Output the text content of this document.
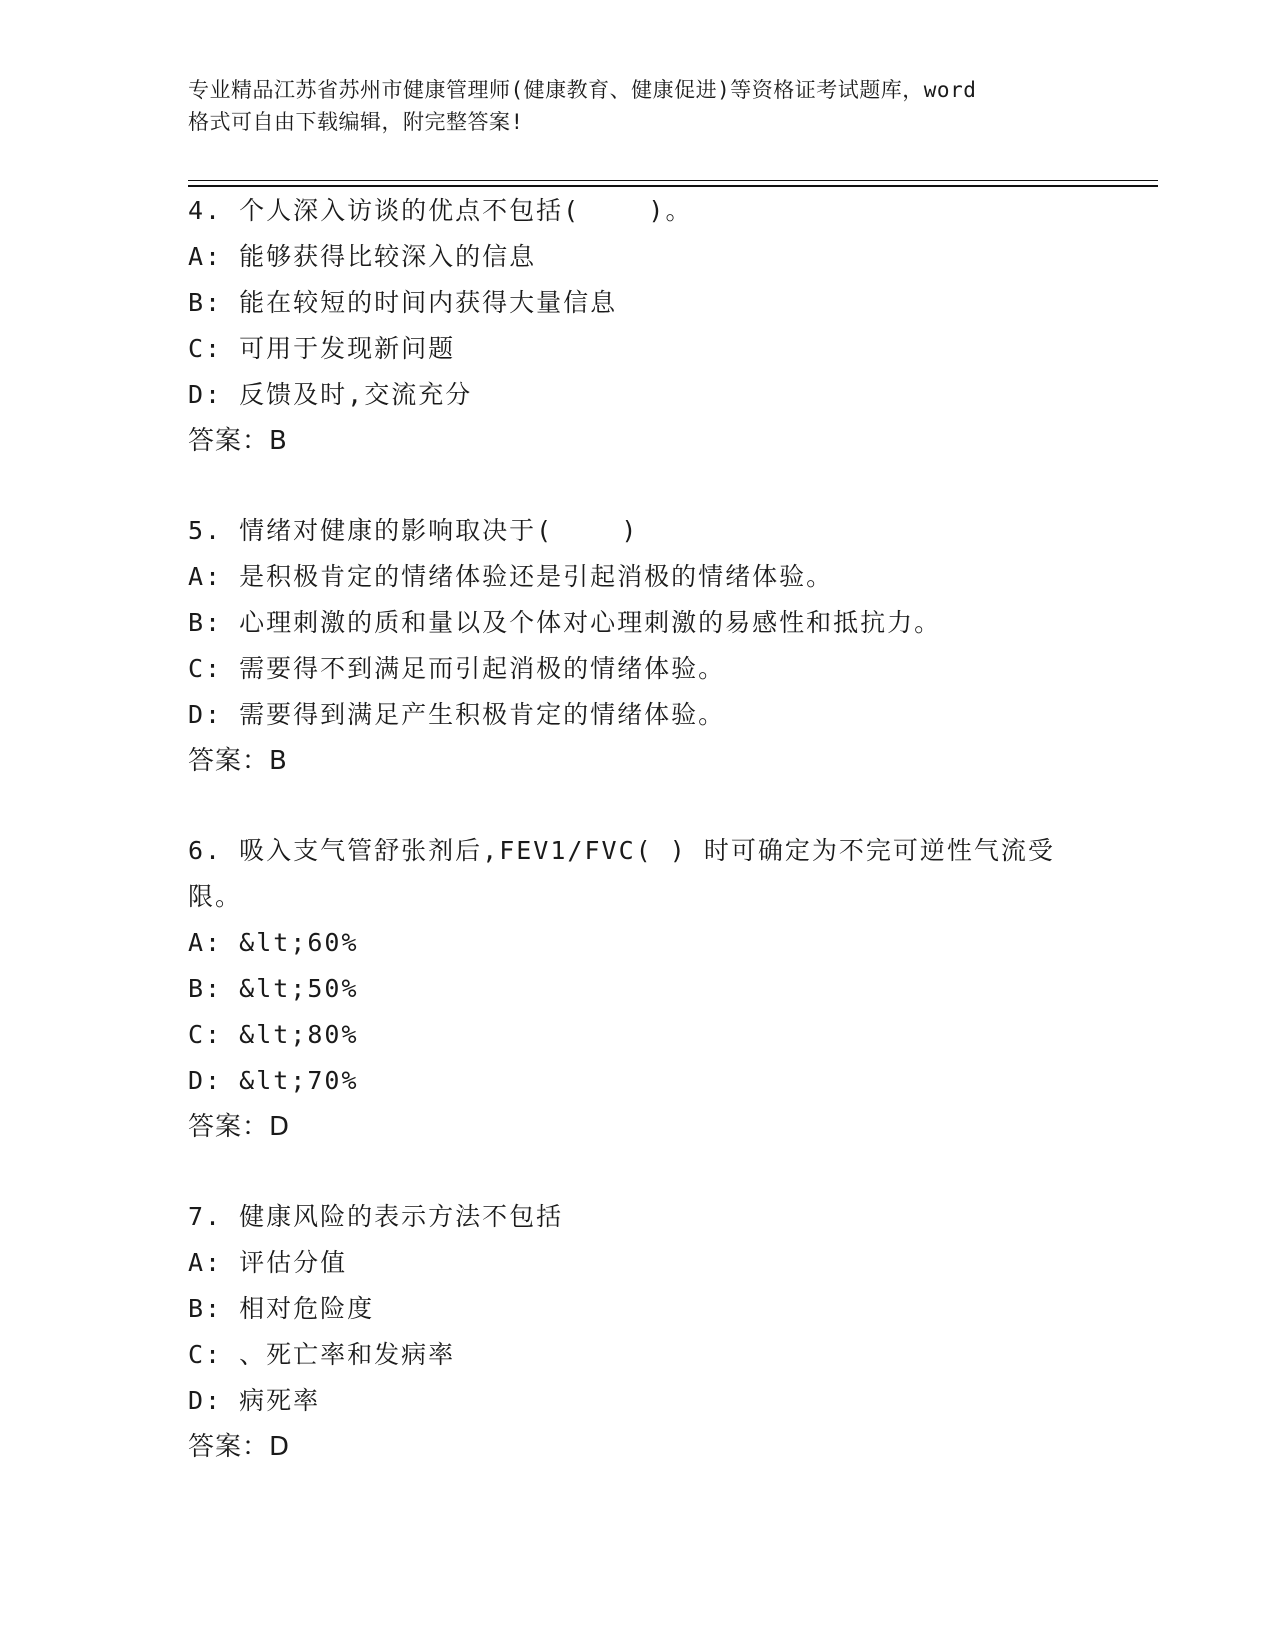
专业精品江苏省苏州市健康管理师(健康教育、健康促进)等资格证考试题库，word
格式可自由下载编辑，附完整答案!
4. 个人深入访谈的优点不包括(    )。
A: 能够获得比较深入的信息
B: 能在较短的时间内获得大量信息
C: 可用于发现新问题
D: 反馈及时,交流充分
答案：B
5. 情绪对健康的影响取决于(    )
A: 是积极肯定的情绪体验还是引起消极的情绪体验。
B: 心理刺激的质和量以及个体对心理刺激的易感性和抵抗力。
C: 需要得不到满足而引起消极的情绪体验。
D: 需要得到满足产生积极肯定的情绪体验。
答案：B
6. 吸入支气管舒张剂后,FEV1/FVC( ) 时可确定为不完可逆性气流受限。
A: &lt;60%
B: &lt;50%
C: &lt;80%
D: &lt;70%
答案：D
7. 健康风险的表示方法不包括
A: 评估分值
B: 相对危险度
C: 、死亡率和发病率
D: 病死率
答案：D
